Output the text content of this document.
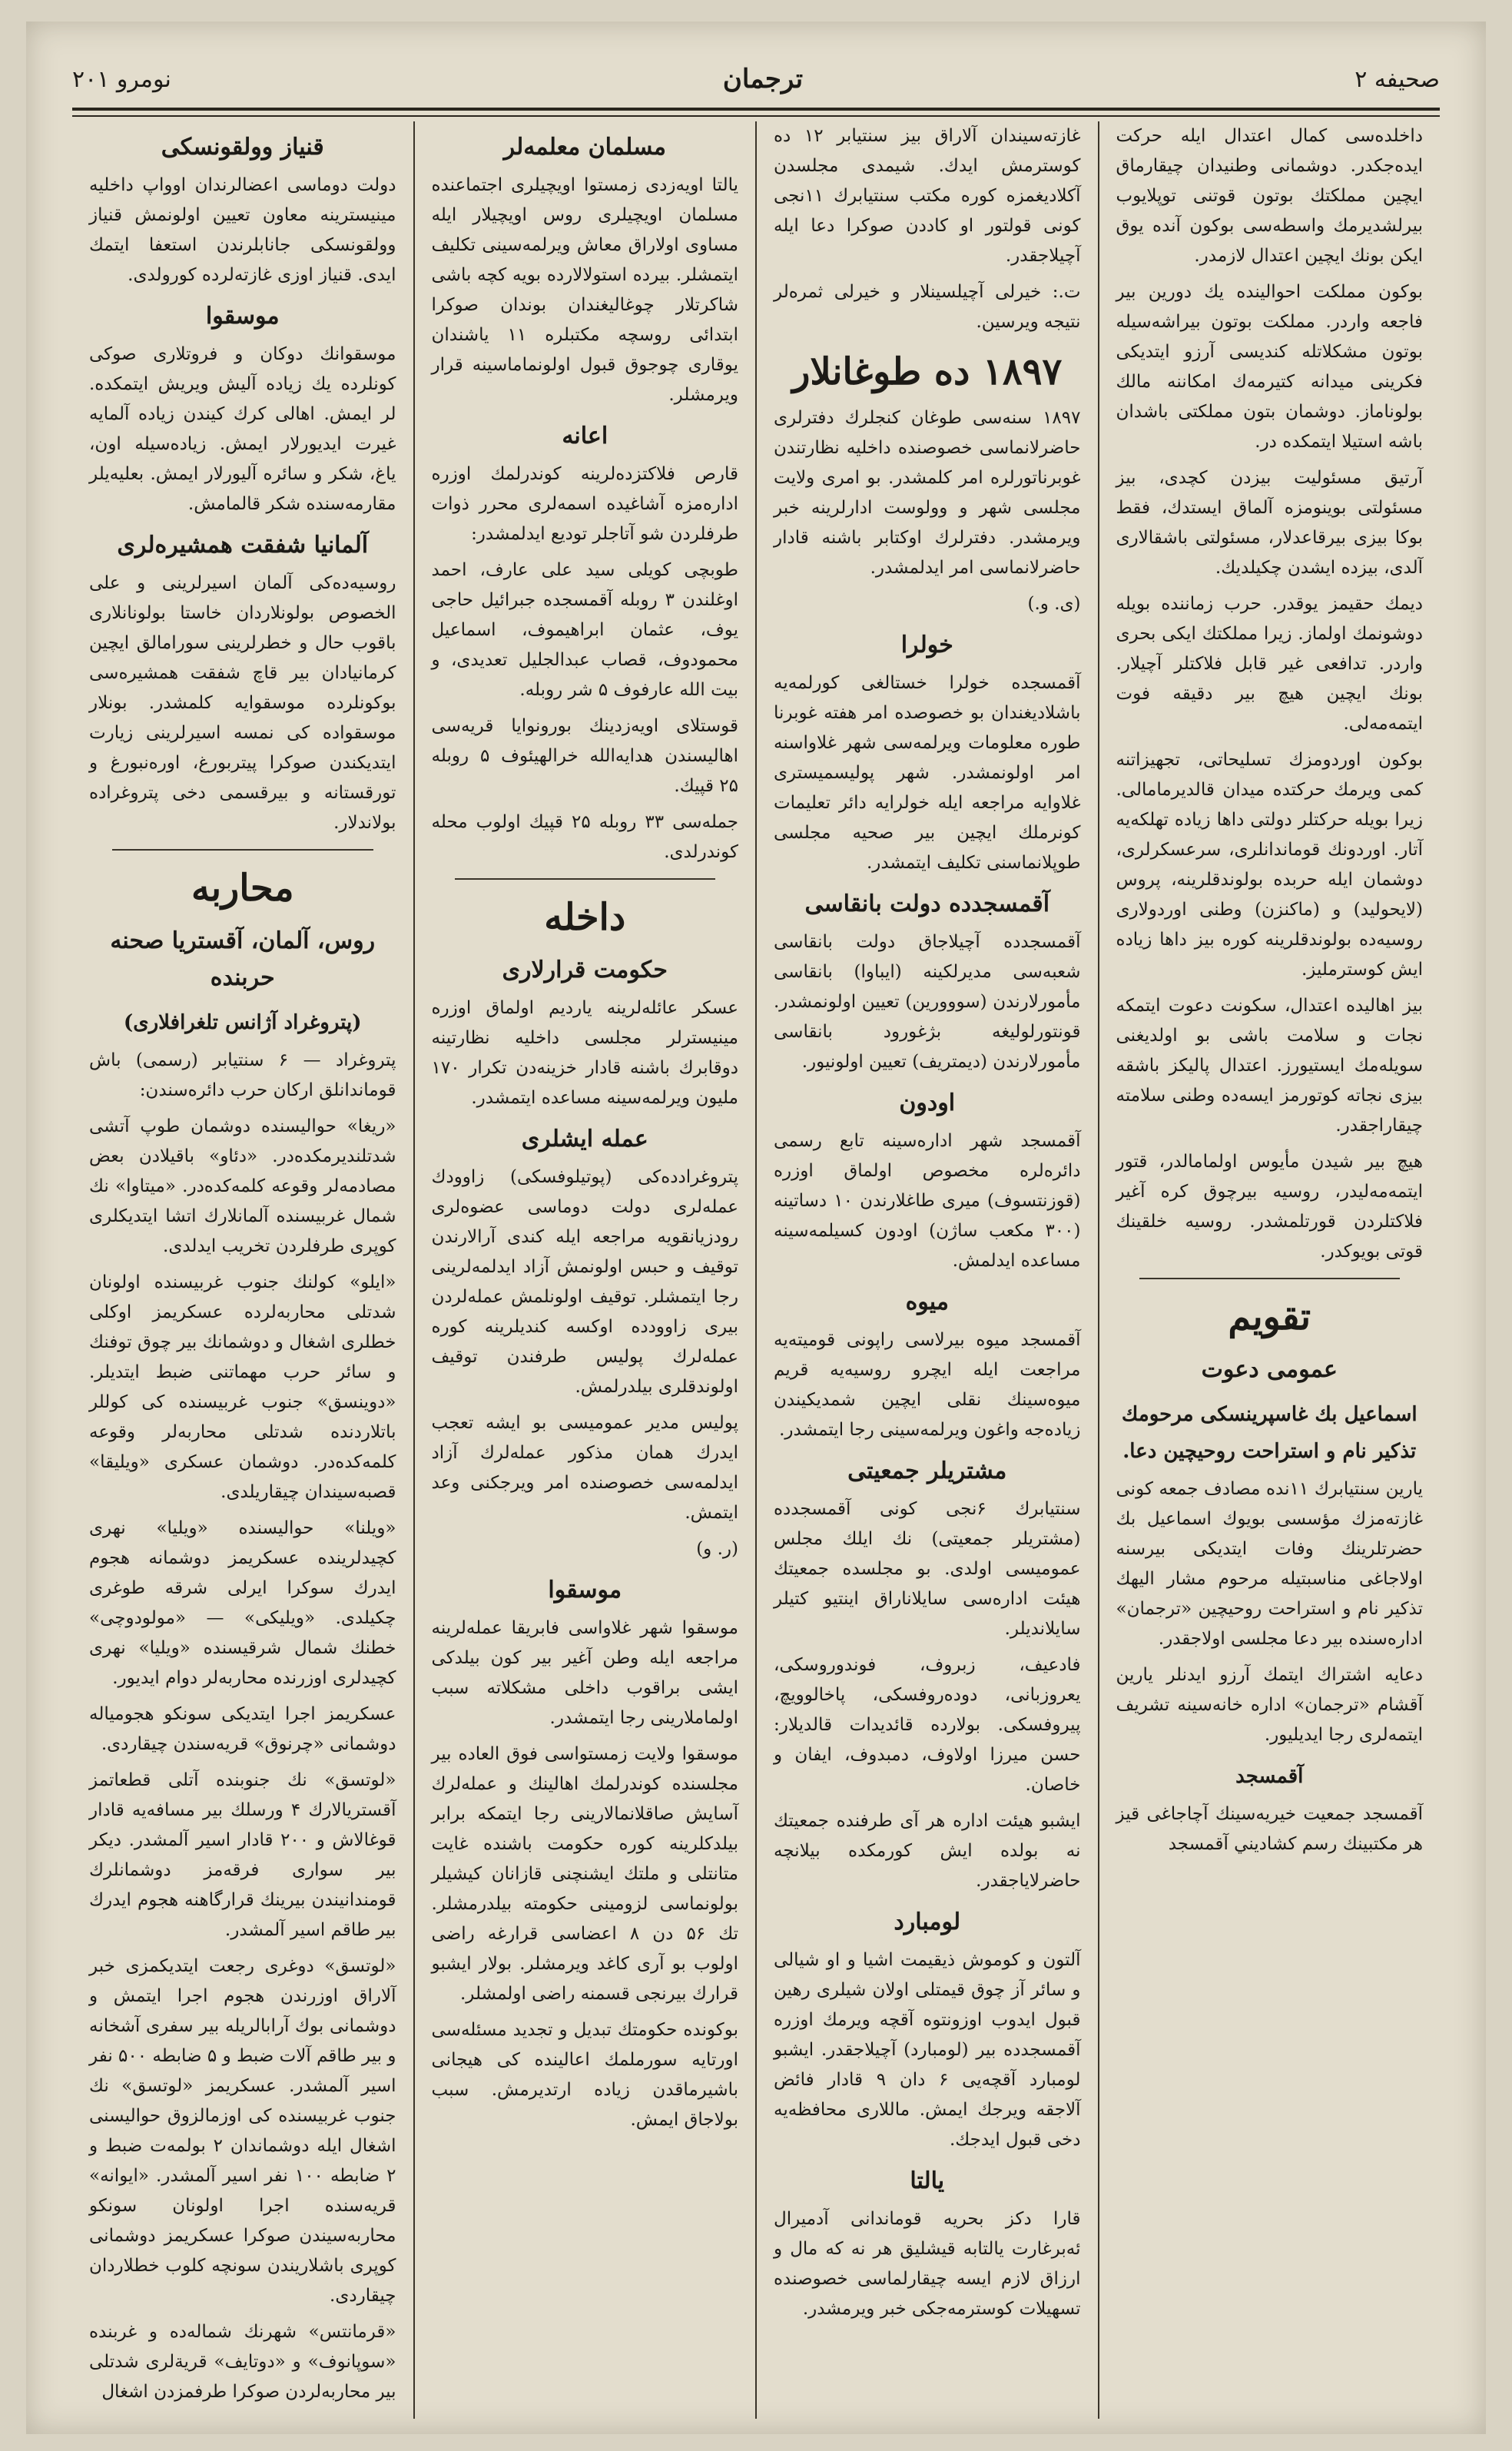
صحيفه ۲
ترجمان
نومرو ۲۰۱
داخلده‌سى كمال اعتدال ايله حركت ايده‌جكدر. دوشمانى وطنيدان چيقارماق ايچين مملكتك بوتون قوتنى توپلايوب بيرلشديرمك واسطه‌سى بوكون آنده يوق ايكن بونك ايچين اعتدال لازمدر.
بوكون مملكت احوالينده يك دورين بير فاجعه واردر. مملكت بوتون بيراشه‌سيله بوتون مشكلاتله كنديسى آرزو ايتديكى فكرينى ميدانه كتيرمه‌ك امكاننه مالك بولوناماز. دوشمان بتون مملكتى باشدان باشه استيلا ايتمكده در.
آرتيق مسئوليت بيزدن كچدى، بيز مسئولتى بوينومزه آلماق ايستدك، فقط بوكا بيزى بيرقاعدلار، مسئولتى باشقالارى آلدى، بيزده ايشدن چكيلديك.
ديمك حقيمز يوقدر. حرب زماننده بويله دوشونمك اولماز. زيرا مملكتك ايكى بحرى واردر. تدافعى غير قابل فلاكتلر آچيلار. بونك ايچين هيچ بير دقيقه فوت ايتمه‌مه‌لى.
بوكون اوردومزك تسليحاتى، تجهيزاتنه كمى ويرمك حركتده ميدان قالديرمامالى. زيرا بويله حركتلر دولتى داها زياده تهلكه‌يه آتار. اوردونك قوماندانلرى، سرعسكرلرى، دوشمان ايله حربده بولوندقلرينه، پروس (لايحوليد) و (ماكنزن) وطنى اوردولارى روسيه‌ده بولوندقلرينه كوره بيز داها زياده ايش كوسترمليز.
بيز اهاليده اعتدال، سكونت دعوت ايتمكه نجات و سلامت باشى بو اولديغنى سويله‌مك ايستيورز. اعتدال پاليكز باشقه بيزى نجاته كوتورمز ايسه‌ده وطنى سلامته چيقاراجقدر.
هيچ بير شيدن مأيوس اولمامالدر، قتور ايتمه‌مه‌ليدر، روسيه بيرچوق كره آغير فلاكتلردن قورتلمشدر. روسيه خلقينك قوتى بويوكدر.
تقويم
عمومى دعوت
اسماعيل بك غاسپرينسكى مرحومك تذكير نام و استراحت روحيچين دعا.
يارين سنتيابرك ۱۱نده مصادف جمعه كونى غازته‌مزك مؤسسى بويوك اسماعيل بك حضرتلرينك وفات ايتديكى بيرسنه اولاجاغى مناسبتيله مرحوم مشار اليهك تذكير نام و استراحت روحيچين «ترجمان» اداره‌سنده بير دعا مجلسى اولاجقدر.
دعايه اشتراك ايتمك آرزو ايدنلر يارين آقشام «ترجمان» اداره خانه‌سينه تشريف ايتمه‌لرى رجا ايديليور.
آقمسجد
آقمسجد جمعيت خيريه‌سينك آچاجاغى قيز هر مكتبينك رسم كشاديني آقمسجد
غازته‌سيندان آلاراق بيز سنتيابر ۱۲ ده كوسترمش ايدك. شيمدى مجلسدن آكلاديغمزه كوره مكتب سنتيابرك ۱۱نجى كونى قولتور او كاددن صوكرا دعا ايله آچيلاجقدر.
ت.: خيرلى آچيلسينلار و خيرلى ثمره‌لر نتيجه ويرسين.
۱۸۹۷ ده طوغانلار
۱۸۹۷ سنه‌سى طوغان كنجلرك دفترلرى حاضرلانماسى خصوصنده داخليه نظارتندن غوبرناتورلره امر كلمشدر. بو امرى ولايت مجلسى شهر و وولوست ادارلرينه خبر ويرمشدر. دفترلرك اوكتابر باشنه قادار حاضرلانماسى امر ايدلمشدر.
(ى. و.)
خولرا
آقمسجده خولرا خستالغى كورلمه‌يه باشلاديغندان بو خصوصده امر هفته غوبرنا طوره معلومات ويرلمه‌سى شهر غلاواسنه امر اولونمشدر. شهر پوليسميسترى غلاوايه مراجعه ايله خولرايه دائر تعليمات كونرملك ايچين بير صحيه مجلسى طوپلانماسنى تكليف ايتمشدر.
آقمسجدده دولت بانقاسى
آقمسجدده آچيلاجاق دولت بانقاسى شعبه‌سى مديرلكينه (ايباوا) بانقاسى مأمورلارندن (سووورين) تعيين اولونمشدر. قونتورلوليغه بژغورود بانقاسى مأمورلارندن (ديمتريف) تعيين اولونيور.
اودون
آقمسجد شهر اداره‌سينه تابع رسمى دائره‌لره مخصوص اولماق اوزره (قوزنتسوف) ميرى طاغلارندن ۱۰ دساتينه (۳۰۰ مكعب ساژن) اودون كسيلمه‌سينه مساعده ايدلمش.
ميوه
آقمسجد ميوه بيرلاسى راپونى قوميته‌يه مراجعت ايله ايچرو روسيه‌يه قريم ميوه‌سينك نقلى ايچين شمديكيندن زياده‌جه واغون ويرلمه‌سينى رجا ايتمشدر.
مشتريلر جمعيتى
سنتيابرك ۶نجى كونى آقمسجدده (مشتريلر جمعيتى) نك ايلك مجلس عموميسى اولدى. بو مجلسده جمعيتك هيئت اداره‌سى سايلاناراق اينتيو كتيلر سايلانديلر.
فادعيف، زبروف، فوندوروسكى، يعروزبانى، دوده‌روفسكى، پاخالوويچ، پيروفسكى. بولارده قائديدات قالديلار: حسن ميرزا اولاوف، دمبدوف، ايفان و خاصان.
ايشبو هيئت اداره هر آى طرفنده جمعيتك نه بولده ايش كورمكده بيلانچه حاضرلاياجقدر.
لومبارد
آلتون و كوموش ذيقيمت اشيا و او شيالى و سائر آز چوق قيمتلى اولان شيلرى رهين قبول ايدوب اوزونتوه آقچه ويرمك اوزره آقمسجدده بير (لومبارد) آچيلاجقدر. ايشبو لومبارد آقچه‌يى ۶ دان ۹ قادار فائض آلاجقه ويرجك ايمش. ماللارى محافظه‌يه دخى قبول ايدجك.
يالتا
قارا دكز بحريه قوماندانى آدميرال ئەبرغارت يالتابه قيشليق هر نه كه مال و ارزاق لازم ايسه چيقارلماسى خصوصنده تسهيلات كوسترمه‌جكى خبر ويرمشدر.
مسلمان معلمه‌لر
يالتا اويه‌زدى زمستوا اويچيلرى اجتماعنده مسلمان اويچيلرى روس اويچيلار ايله مساوى اولاراق معاش ويرلمه‌سينى تكليف ايتمشلر. بيرده استولالارده بويه كچه باشى شاكرتلار چوغاليغندان بوندان صوكرا ابتدائى روسچه مكتبلره ۱۱ ياشندان يوقارى چوجوق قبول اولونماماسينه قرار ويرمشلر.
اعانه
قارص فلاكتزده‌لرينه كوندرلمك اوزره اداره‌مزه آشاغيده اسمه‌لرى محرر ذوات طرفلردن شو آتاجلر توديع ايدلمشدر:
طوبچى كويلى سيد على عارف، احمد اوغلندن ۳ روبله آقمسجده جبرائيل حاجى يوف، عثمان ابراهيموف، اسماعيل محمودوف، قصاب عبدالجليل تعديدى، و بيت الله عارفوف ۵ شر روبله.
قوستلاى اويه‌زدينك بورونوايا قريه‌سى اهاليسندن هدايه‌الله خرالهيئوف ۵ روبله ۲۵ قپيك.
جمله‌سى ۳۳ روبله ۲۵ قپيك اولوب محله كوندرلدى.
داخله
حكومت قرارلارى
عسكر عائله‌لرينه يارديم اولماق اوزره مينيسترلر مجلسى داخليه نظارتينه دوقابرك باشنه قادار خزينه‌دن تكرار ۱۷۰ مليون ويرلمه‌سينه مساعده ايتمشدر.
عمله ايشلرى
پتروغرادده‌كى (پوتيلوفسكى) زاوودك عمله‌لرى دولت دوماسى عضوه‌لرى رودزيانقويه مراجعه ايله كندى آرالارندن توقيف و حبس اولونمش آزاد ايدلمه‌لرينى رجا ايتمشلر. توقيف اولونلمش عمله‌لردن بيرى زاوودده اوكسه كنديلرينه كوره عمله‌لرك پوليس طرفندن توقيف اولوندقلرى بيلدرلمش.
پوليس مدير عموميسى بو ايشه تعجب ايدرك همان مذكور عمله‌لرك آزاد ايدلمه‌سى خصوصنده امر ويرجكنى وعد ايتمش.
(ر. و)
موسقوا
موسقوا شهر غلاواسى فابريقا عمله‌لرينه مراجعه ايله وطن آغير بير كون بيلدكى ايشى براقوب داخلى مشكلاته سبب اولماملارينى رجا ايتمشدر.
موسقوا ولايت زمستواسى فوق العاده بير مجلسنده كوندرلمك اهالينك و عمله‌لرك آسايش صاقلانمالارينى رجا ايتمكه برابر بيلدكلرينه كوره حكومت باشنده غايت متانتلى و ملتك ايشنچنى قازانان كيشيلر بولونماسى لزومينى حكومته بيلدرمشلر. تك ۵۶ دن ۸ اعضاسى قرارغه راضى اولوب بو آرى كاغد ويرمشلر. بولار ايشبو قرارك بيرنجى قسمنه راضى اولمشلر.
بوكونده حكومتك تبديل و تجديد مسئله‌سى اورتايه سورملمك اعالينده كى هيجانى باشيرماقدن زياده ارتديرمش. سبب بولاجاق ايمش.
قنياز وولقونسكى
دولت دوماسى اعضالرندان اوواپ داخليه مينيسترينه معاون تعيين اولونمش قنياز وولقونسكى جانابلرندن استعفا ايتمك ايدى. قنياز اوزى غازته‌لرده كورولدى.
موسقوا
موسقوانك دوكان و فروتلارى صوكى كونلرده يك زياده آليش ويريش ايتمكده. لر ايمش. اهالى كرك كيندن زياده آلمايه غيرت ايديورلار ايمش. زياده‌سيله اون، ياغ، شكر و سائره آليورلار ايمش. بعليه‌يلر مقارمه‌سنده شكر قالمامش.
آلمانيا شفقت همشيره‌لرى
روسيه‌ده‌كى آلمان اسيرلرينى و على الخصوص بولونلاردان خاستا بولونانلارى باقوب حال و خطرلرينى سورامالق ايچين كرمانيادان بير قاچ شفقت همشيره‌سى بوكونلرده موسقوايه كلمشدر. بونلار موسقواده كى نمسه اسيرلرينى زيارت ايتديكندن صوكرا پيتربورغ، اوره‌نبورغ و تورقستانه و بيرقسمى دخى پتروغراده بولاندلار.
محاربه
روس، آلمان، آقستريا صحنه حربنده
(پتروغراد آژانس تلغرافلارى)
پتروغراد — ۶ سنتيابر (رسمى) باش قوماندانلق اركان حرب دائره‌سندن:
«ريغا» حواليسنده دوشمان طوپ آتشى شدتلنديرمكده‌در. «دئاو» باقيلادن بعض مصادمه‌لر وقوعه كلمه‌كده‌در. «ميتاوا» نك شمال غربيسنده آلمانلارك اتشا ايتديكلرى كوپرى طرفلردن تخريب ايدلدى.
«ايلو» كولنك جنوب غربيسنده اولونان شدتلى محاربه‌لرده عسكريمز اوكلى خطلرى اشغال و دوشمانك بير چوق توفنك و سائر حرب مهماتنى ضبط ايتديلر. «دوينسق» جنوب غربيسنده كى كوللر باتلاردنده شدتلى محاربه‌لر وقوعه كلمه‌كده‌در. دوشمان عسكرى «ويليقا» قصبه‌سيندان چيقاريلدى.
«ويلنا» حواليسنده «ويليا» نهرى كچيدلرينده عسكريمز دوشمانه هجوم ايدرك سوكرا ايرلى شرقه طوغرى چكيلدى. «ويليكى» — «مولودوچى» خطنك شمال شرقيسنده «ويليا» نهرى كچيدلرى اوزرنده محاربه‌لر دوام ايديور.
عسكريمز اجرا ايتديكى سونكو هجومياله دوشمانى «چرنوق» قريه‌سندن چيقاردى.
«لوتسق» نك جنوبنده آتلى قطعاتمز آقستريالارك ۴ ورسلك بير مسافه‌يه قادار قوغالاش و ۲۰۰ قادار اسير آلمشدر. ديكر بير سوارى فرقه‌مز دوشمانلرك قومندانيندن بيرينك قرارگاهنه هجوم ايدرك بير طاقم اسير آلمشدر.
«لوتسق» دوغرى رجعت ايتديكمزى خبر آلاراق اوزرندن هجوم اجرا ايتمش و دوشمانى بوك آرابالريله بير سفرى آشخانه و بير طاقم آلات ضبط و ۵ ضابطه ۵۰۰ نفر اسير آلمشدر. عسكريمز «لوتسق» نك جنوب غربيسنده كى اوزمالزوق حواليسنى اشغال ايله دوشماندان ۲ بولمه‌ت ضبط و ۲ ضابطه ۱۰۰ نفر اسير آلمشدر. «ايوانه» قريه‌سنده اجرا اولونان سونكو محاربه‌سيندن صوكرا عسكريمز دوشمانى كوپرى باشلاريندن سونچه كلوب خطلاردان چيقاردى.
«قرمانتس» شهرنك شماله‌ده و غربنده «سوپانوف» و «دوتايف» قرية‌لرى شدتلى بير محاربه‌لردن صوكرا طرفمزدن اشغال
